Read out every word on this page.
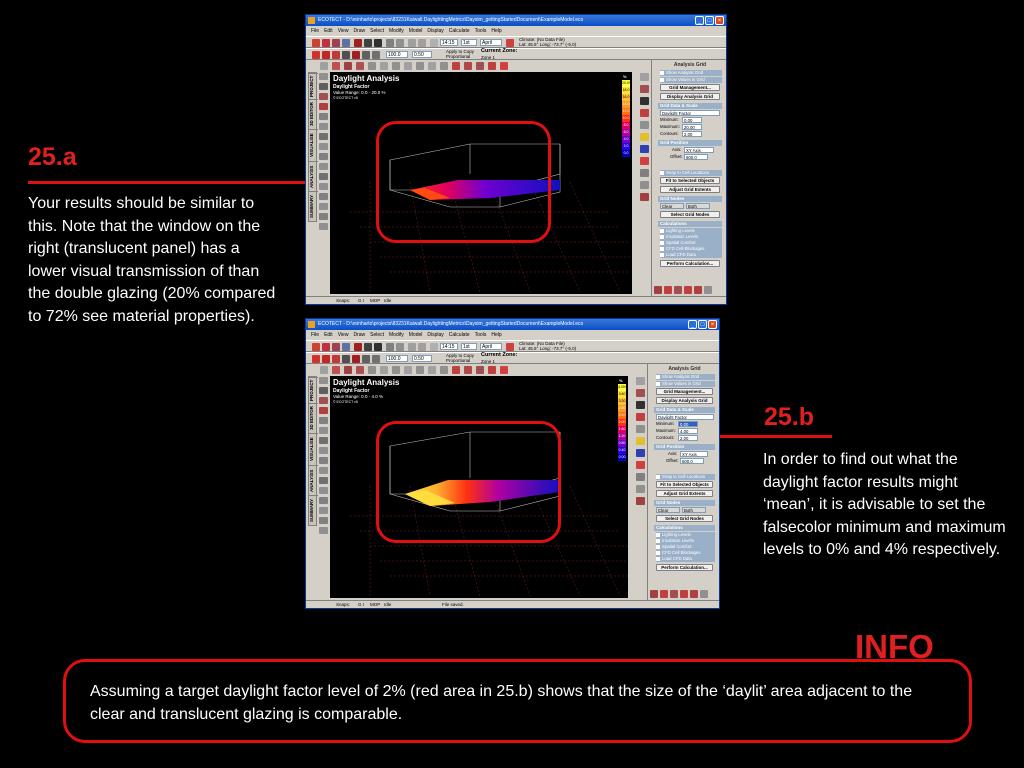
25.a
Your results should be similar to this. Note that the window on the right (translucent panel) has a lower visual transmission of than the double glazing (20% compared to 72% see material properties).
25.b
In order to find out what the daylight factor results might ‘mean’, it is advisable to set the falsecolor minimum and maximum levels to 0% and 4% respectively.
INFO
Assuming a target daylight factor level of 2% (red area in 25.b) shows that the size of the ‘daylit’ area adjacent to the clear and translucent glazing is comparable.
ECOTECT - D:\reinharto\projects\83231Kaiwall.DaylightingMetrics\Daysim_gettingStartedDocument\ExampleModel.eco	_	□	×
File Edit View Draw Select Modify Model Display Calculate Tools Help
14:15	1st	April
Climate: (No Data File)
Lat: 45.5° Long: -73.7° (-5.0)
100.0	0.50
Apply to Copy
Proportional
Current Zone:
Zone 1
PROJECT
3D EDITOR
VISUALISE
ANALYSIS
SUMMARY
Daylight Analysis
Daylight Factor
Value Range: 0.0 - 20.0 %
© ECOTECT v5
%
20.0+
18.0
16.0
14.0
12.0
10.0
8.0
6.0
4.0
2.0
0.0
Analysis Grid
Show Analysis Grid
Show Values in Grid
Grid Management...
Display Analysis Grid
Grid Data & Scale
Daylight Factor
Minimum:	0.00
Maximum: 20.00
Contours:	2.00
Grid Position
Axis:	XY Axis
Offset: 600.0
Snap to Cell Locations
Fit to Selected Objects
Adjust Grid Extents
Grid Nodes
Clear	Both
Select Grid Nodes
Calculations
Lighting Levels
Insolation Levels
Spatial Comfort
CFD Cell Blockages
Load CFD Data
Perform Calculation...
Snaps: G I MOP Idle
ECOTECT - D:\reinharto\projects\83231Kaiwall.DaylightingMetrics\Daysim_gettingStartedDocument\ExampleModel.eco	_	□	×
File Edit View Draw Select Modify Model Display Calculate Tools Help
14:15	1st	April
Climate: (No Data File)
Lat: 45.5° Long: -73.7° (-5.0)
100.0	0.50
Apply to Copy
Proportional
Current Zone:
Zone 1
PROJECT
3D EDITOR
VISUALISE
ANALYSIS
SUMMARY
Daylight Analysis
Daylight Factor
Value Range: 0.0 - 4.0 %
© ECOTECT v5
%
4.00+
3.60
3.20
2.80
2.40
2.00
1.60
1.20
0.80
0.40
0.00
Analysis Grid
Show Analysis Grid
Show Values in Grid
Grid Management...
Display Analysis Grid
Grid Data & Scale
Daylight Factor
Minimum:	0.00
Maximum: 4.00
Contours:	2.00
Grid Position
Axis:	XY Axis
Offset: 600.0
Snap to Cell Locations
Fit to Selected Objects
Adjust Grid Extents
Grid Nodes
Clear	Both
Select Grid Nodes
Calculations
Lighting Levels
Insolation Levels
Spatial Comfort
CFD Cell Blockages
Load CFD Data
Perform Calculation...
Snaps: G I MOP Idle	File saved.
